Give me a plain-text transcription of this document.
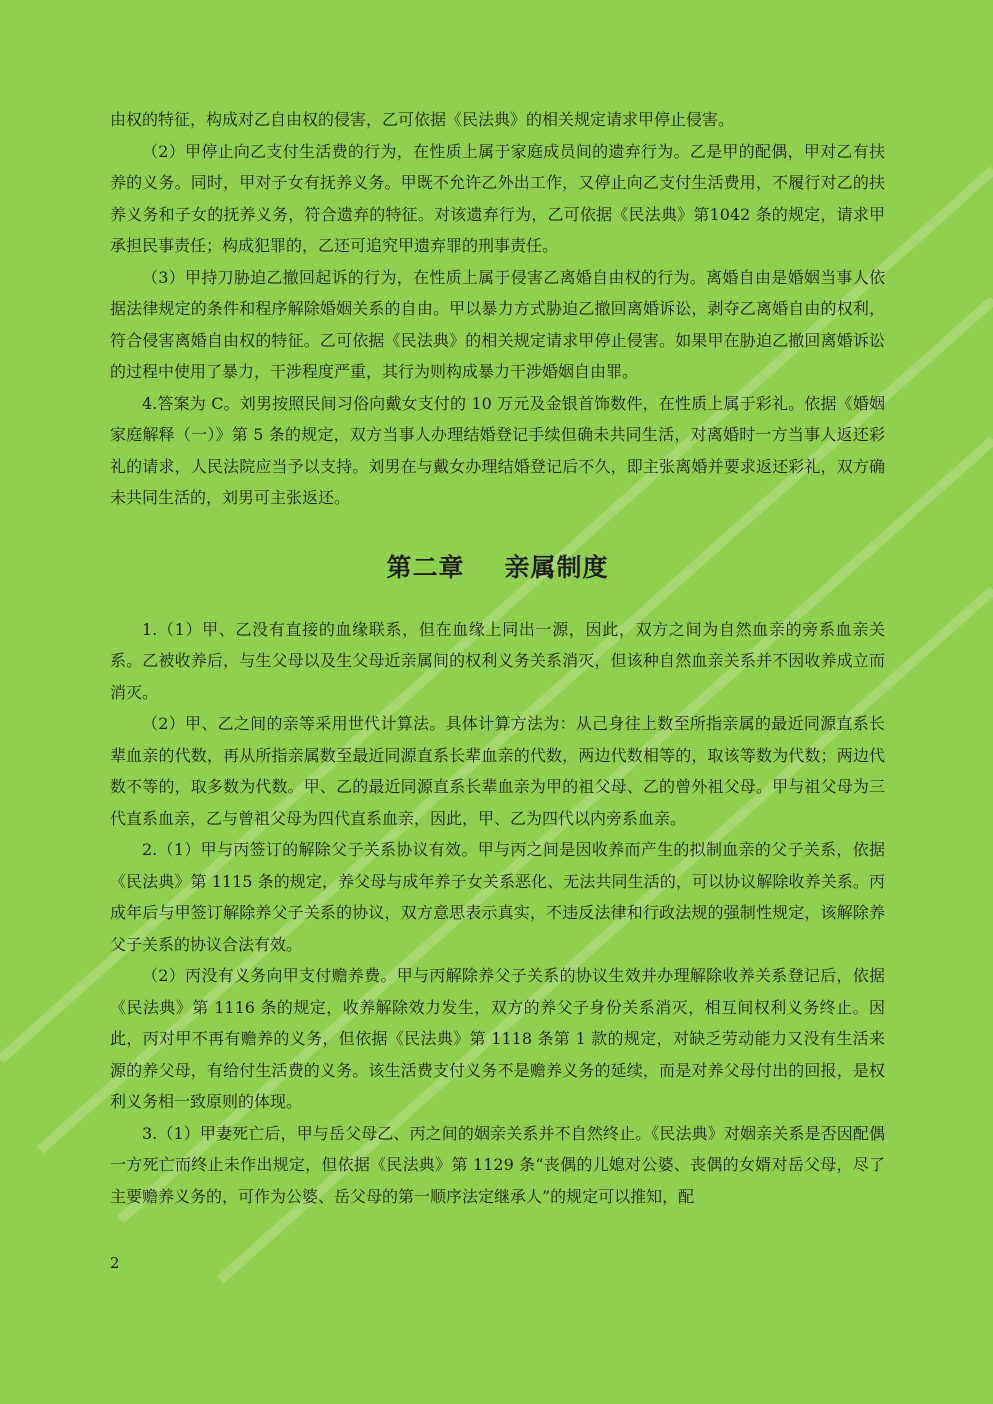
由权的特征，构成对乙自由权的侵害，乙可依据《民法典》的相关规定请求甲停止侵害。

（2）甲停止向乙支付生活费的行为，在性质上属于家庭成员间的遗弃行为。乙是甲的配偶，甲对乙有扶养的义务。同时，甲对子女有抚养义务。甲既不允许乙外出工作，又停止向乙支付生活费用，不履行对乙的扶养义务和子女的抚养义务，符合遗弃的特征。对该遗弃行为，乙可依据《民法典》第1042 条的规定，请求甲承担民事责任；构成犯罪的，乙还可追究甲遗弃罪的刑事责任。

（3）甲持刀胁迫乙撤回起诉的行为，在性质上属于侵害乙离婚自由权的行为。离婚自由是婚姻当事人依据法律规定的条件和程序解除婚姻关系的自由。甲以暴力方式胁迫乙撤回离婚诉讼，剥夺乙离婚自由的权利，符合侵害离婚自由权的特征。乙可依据《民法典》的相关规定请求甲停止侵害。如果甲在胁迫乙撤回离婚诉讼的过程中使用了暴力，干涉程度严重，其行为则构成暴力干涉婚姻自由罪。

4.答案为 C。刘男按照民间习俗向戴女支付的 10 万元及金银首饰数件，在性质上属于彩礼。依据《婚姻家庭解释（一）》第 5 条的规定，双方当事人办理结婚登记手续但确未共同生活，对离婚时一方当事人返还彩礼的请求，人民法院应当予以支持。刘男在与戴女办理结婚登记后不久，即主张离婚并要求返还彩礼，双方确未共同生活的，刘男可主张返还。

第二章 亲属制度

1.（1）甲、乙没有直接的血缘联系，但在血缘上同出一源，因此，双方之间为自然血亲的旁系血亲关系。乙被收养后，与生父母以及生父母近亲属间的权利义务关系消灭，但该种自然血亲关系并不因收养成立而消灭。

（2）甲、乙之间的亲等采用世代计算法。具体计算方法为：从己身往上数至所指亲属的最近同源直系长辈血亲的代数，再从所指亲属数至最近同源直系长辈血亲的代数，两边代数相等的，取该等数为代数；两边代数不等的，取多数为代数。甲、乙的最近同源直系长辈血亲为甲的祖父母、乙的曾外祖父母。甲与祖父母为三代直系血亲，乙与曾祖父母为四代直系血亲，因此，甲、乙为四代以内旁系血亲。

2.（1）甲与丙签订的解除父子关系协议有效。甲与丙之间是因收养而产生的拟制血亲的父子关系，依据《民法典》第 1115 条的规定，养父母与成年养子女关系恶化、无法共同生活的，可以协议解除收养关系。丙成年后与甲签订解除养父子关系的协议，双方意思表示真实，不违反法律和行政法规的强制性规定，该解除养父子关系的协议合法有效。

（2）丙没有义务向甲支付赡养费。甲与丙解除养父子关系的协议生效并办理解除收养关系登记后，依据《民法典》第 1116 条的规定，收养解除效力发生，双方的养父子身份关系消灭，相互间权利义务终止。因此，丙对甲不再有赡养的义务，但依据《民法典》第 1118 条第 1 款的规定，对缺乏劳动能力又没有生活来源的养父母，有给付生活费的义务。该生活费支付义务不是赡养义务的延续，而是对养父母付出的回报，是权利义务相一致原则的体现。

3.（1）甲妻死亡后，甲与岳父母乙、丙之间的姻亲关系并不自然终止。《民法典》对姻亲关系是否因配偶一方死亡而终止未作出规定，但依据《民法典》第 1129 条“丧偶的儿媳对公婆、丧偶的女婿对岳父母，尽了主要赡养义务的，可作为公婆、岳父母的第一顺序法定继承人”的规定可以推知，配

2
